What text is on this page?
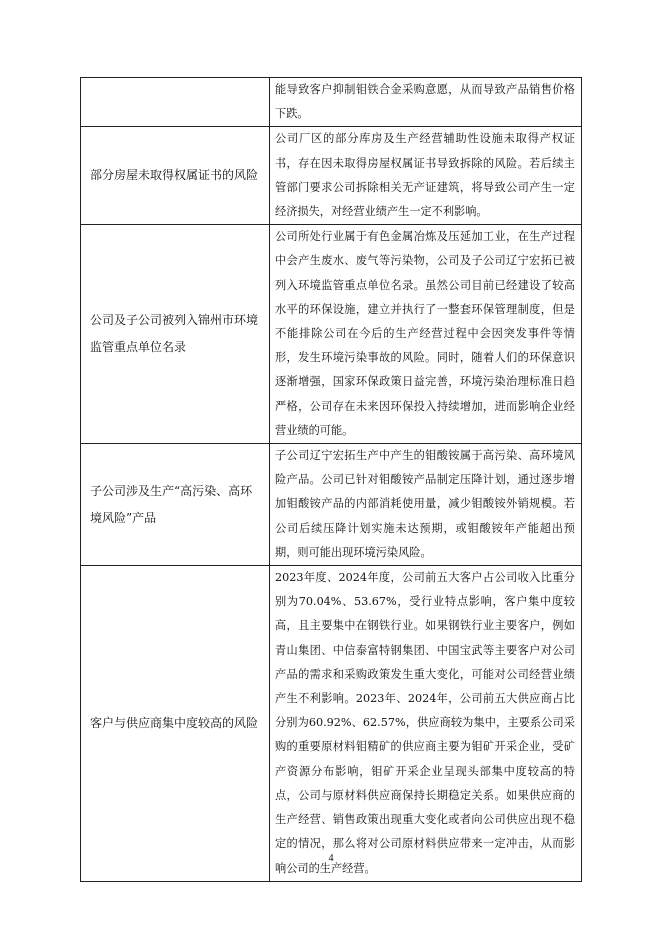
	能导致客户抑制钼铁合金采购意愿，从而导致产品销售价格下跌。
部分房屋未取得权属证书的风险	公司厂区的部分库房及生产经营辅助性设施未取得产权证书，存在因未取得房屋权属证书导致拆除的风险。若后续主管部门要求公司拆除相关无产证建筑，将导致公司产生一定经济损失，对经营业绩产生一定不利影响。
公司及子公司被列入锦州市环境监管重点单位名录	公司所处行业属于有色金属冶炼及压延加工业，在生产过程中会产生废水、废气等污染物，公司及子公司辽宁宏拓已被列入环境监管重点单位名录。虽然公司目前已经建设了较高水平的环保设施，建立并执行了一整套环保管理制度，但是不能排除公司在今后的生产经营过程中会因突发事件等情形，发生环境污染事故的风险。同时，随着人们的环保意识逐渐增强，国家环保政策日益完善，环境污染治理标准日趋严格，公司存在未来因环保投入持续增加，进而影响企业经营业绩的可能。
子公司涉及生产“高污染、高环境风险”产品	子公司辽宁宏拓生产中产生的钼酸铵属于高污染、高环境风险产品。公司已针对钼酸铵产品制定压降计划，通过逐步增加钼酸铵产品的内部消耗使用量，减少钼酸铵外销规模。若公司后续压降计划实施未达预期，或钼酸铵年产能超出预期，则可能出现环境污染风险。
客户与供应商集中度较高的风险	2023年度、2024年度，公司前五大客户占公司收入比重分别为70.04%、53.67%，受行业特点影响，客户集中度较高，且主要集中在钢铁行业。如果钢铁行业主要客户，例如青山集团、中信泰富特钢集团、中国宝武等主要客户对公司产品的需求和采购政策发生重大变化，可能对公司经营业绩产生不利影响。2023年、2024年，公司前五大供应商占比分别为60.92%、62.57%，供应商较为集中，主要系公司采购的重要原材料钼精矿的供应商主要为钼矿开采企业，受矿产资源分布影响，钼矿开采企业呈现头部集中度较高的特点，公司与原材料供应商保持长期稳定关系。如果供应商的生产经营、销售政策出现重大变化或者向公司供应出现不稳定的情况，那么将对公司原材料供应带来一定冲击，从而影响公司的生产经营。
4
